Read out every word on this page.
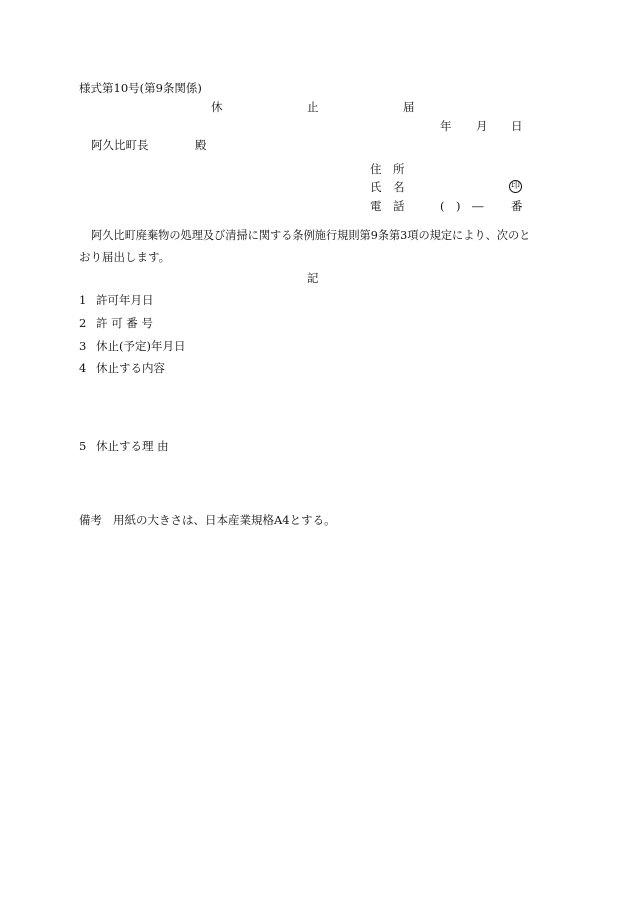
様式第10号(第9条関係)
休	止	届
年 月 日
阿久比町長	殿
住　所
氏　名	印
電　話	(　)　― 番
阿久比町廃棄物の処理及び清掃に関する条例施行規則第9条第3項の規定により、次のと
おり届出します。
記
1 許可年月日
2 許 可 番 号
3 休止(予定)年月日
4 休止する内容
5 休止する理 由
備考 用紙の大きさは、日本産業規格A4とする。
